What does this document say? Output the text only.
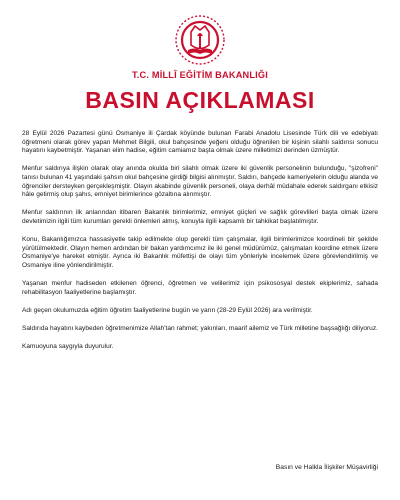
T.C. MİLLÎ EĞİTİM BAKANLIĞI
BASIN AÇIKLAMASI

28 Eylül 2026 Pazartesi günü Osmaniye ili Çardak köyünde bulunan Farabi Anadolu Lisesinde Türk dili ve edebiyatı öğretmeni olarak görev yapan Mehmet Bilgili, okul bahçesinde yeğeni olduğu öğrenilen bir kişinin silahlı saldırısı sonucu hayatını kaybetmiştir. Yaşanan elim hadise, eğitim camiamız başta olmak üzere milletimizi derinden üzmüştür.

Menfur saldırıya ilişkin olarak olay anında okulda biri silahlı olmak üzere iki güvenlik personelinin bulunduğu, "şizofreni" tanısı bulunan 41 yaşındaki şahsın okul bahçesine girdiği bilgisi alınmıştır. Saldırı, bahçede kameriyelerin olduğu alanda ve öğrenciler dersteyken gerçekleşmiştir. Olayın akabinde güvenlik personeli, olaya derhâl müdahale ederek saldırganı etkisiz hâle getirmiş olup şahıs, emniyet birimlerince gözaltına alınmıştır.

Menfur saldırının ilk anlarından itibaren Bakanlık birimlerimiz, emniyet güçleri ve sağlık görevlileri başta olmak üzere devletimizin ilgili tüm kurumları gerekli önlemleri almış, konuyla ilgili kapsamlı bir tahkikat başlatılmıştır.

Konu, Bakanlığımızca hassasiyetle takip edilmekte olup gerekli tüm çalışmalar, ilgili birimlerimizce koordineli bir şekilde yürütülmektedir. Olayın hemen ardından bir bakan yardımcımız ile iki genel müdürümüz, çalışmaları koordine etmek üzere Osmaniye'ye hareket etmiştir. Ayrıca iki Bakanlık müfettişi de olayı tüm yönleriyle incelemek üzere görevlendirilmiş ve Osmaniye iline yönlendirilmiştir.

Yaşanan menfur hadiseden etkilenen öğrenci, öğretmen ve velilerimiz için psikososyal destek ekiplerimiz, sahada rehabilitasyon faaliyetlerine başlamıştır.

Adı geçen okulumuzda eğitim öğretim faaliyetlerine bugün ve yarın (28-29 Eylül 2026) ara verilmiştir.

Saldırıda hayatını kaybeden öğretmenimize Allah'tan rahmet; yakınları, maarif ailemiz ve Türk milletine başsağlığı diliyoruz.

Kamuoyuna saygıyla duyurulur.

Basın ve Halkla İlişkiler Müşavirliği
